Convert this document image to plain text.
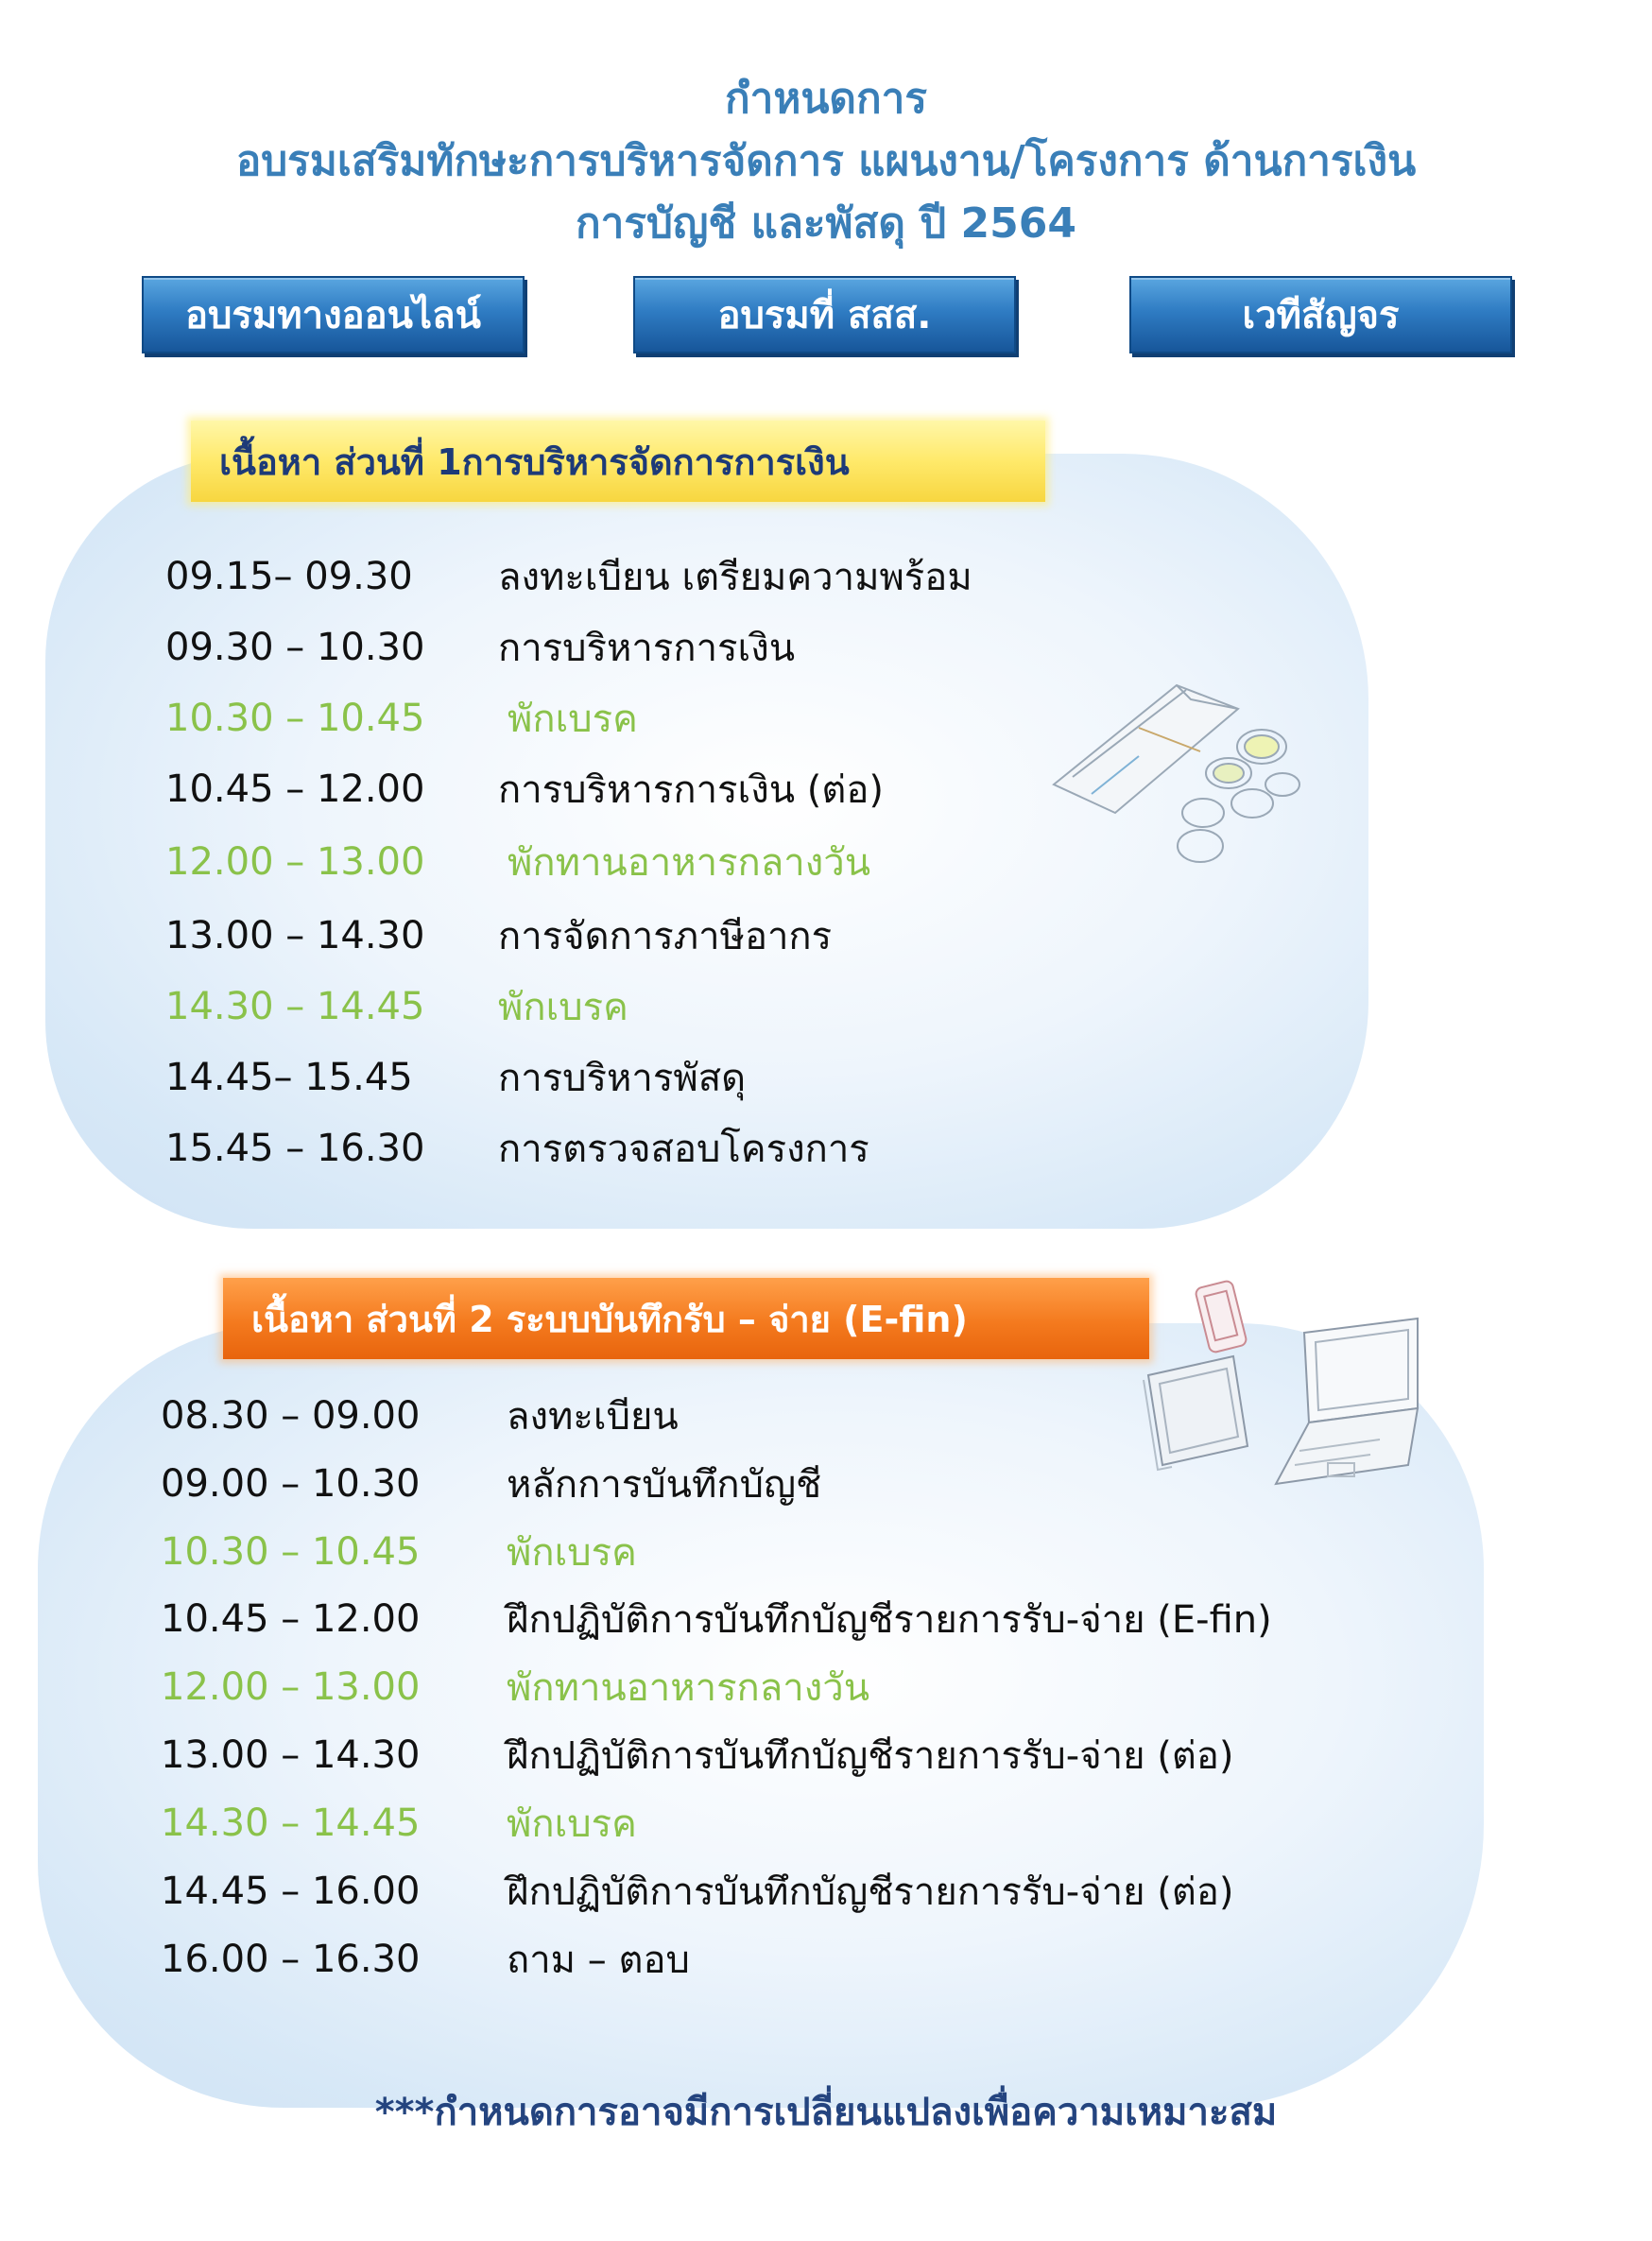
กำหนดการ
อบรมเสริมทักษะการบริหารจัดการ แผนงาน/โครงการ ด้านการเงิน
การบัญชี และพัสดุ ปี 2564
อบรมทางออนไลน์	อบรมที่ สสส.	เวทีสัญจร
เนื้อหา ส่วนที่ 1การบริหารจัดการการเงิน
09.15– 09.30	ลงทะเบียน เตรียมความพร้อม
09.30 – 10.30	การบริหารการเงิน
10.30 – 10.45	พักเบรค
10.45 – 12.00	การบริหารการเงิน (ต่อ)
12.00 – 13.00	พักทานอาหารกลางวัน
13.00 – 14.30	การจัดการภาษีอากร
14.30 – 14.45	พักเบรค
14.45– 15.45	การบริหารพัสดุ
15.45 – 16.30	การตรวจสอบโครงการ
เนื้อหา ส่วนที่ 2 ระบบบันทึกรับ – จ่าย (E-fin)
08.30 – 09.00	ลงทะเบียน
09.00 – 10.30	หลักการบันทึกบัญชี
10.30 – 10.45	พักเบรค
10.45 – 12.00	ฝึกปฏิบัติการบันทึกบัญชีรายการรับ-จ่าย (E-fin)
12.00 – 13.00	พักทานอาหารกลางวัน
13.00 – 14.30	ฝึกปฏิบัติการบันทึกบัญชีรายการรับ-จ่าย (ต่อ)
14.30 – 14.45	พักเบรค
14.45 – 16.00	ฝึกปฏิบัติการบันทึกบัญชีรายการรับ-จ่าย (ต่อ)
16.00 – 16.30	ถาม – ตอบ
***กำหนดการอาจมีการเปลี่ยนแปลงเพื่อความเหมาะสม
